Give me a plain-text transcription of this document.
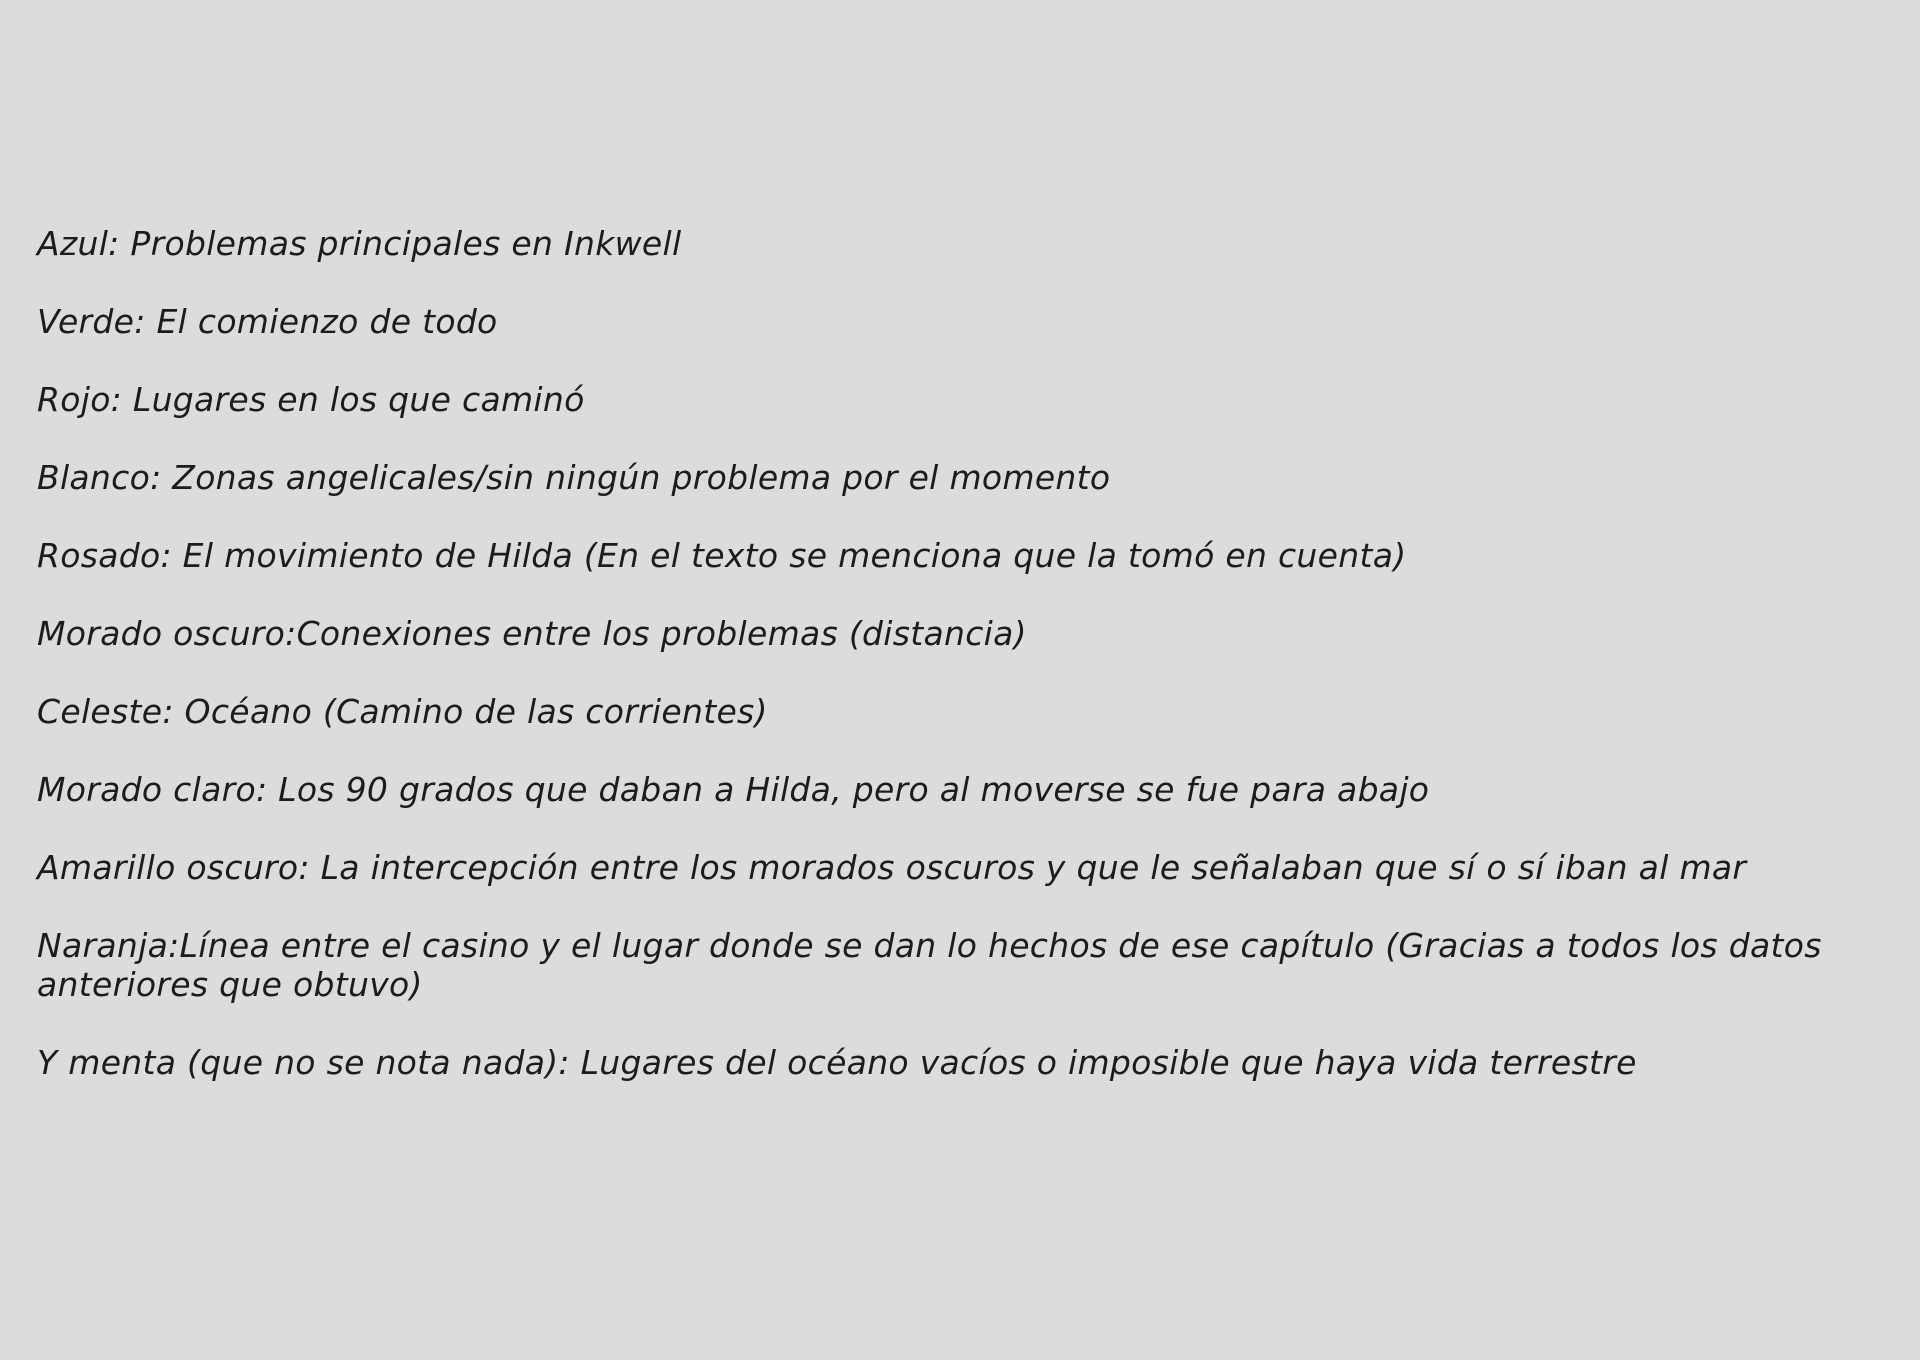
Azul: Problemas principales en Inkwell
Verde: El comienzo de todo
Rojo: Lugares en los que caminó
Blanco: Zonas angelicales/sin ningún problema por el momento
Rosado: El movimiento de Hilda (En el texto se menciona que la tomó en cuenta)
Morado oscuro:Conexiones entre los problemas (distancia)
Celeste: Océano (Camino de las corrientes)
Morado claro: Los 90 grados que daban a Hilda, pero al moverse se fue para abajo
Amarillo oscuro: La intercepción entre los morados oscuros y que le señalaban que sí o sí iban al mar
Naranja:Línea entre el casino y el lugar donde se dan lo hechos de ese capítulo (Gracias a todos los datos anteriores que obtuvo)
Y menta (que no se nota nada): Lugares del océano vacíos o imposible que haya vida terrestre
